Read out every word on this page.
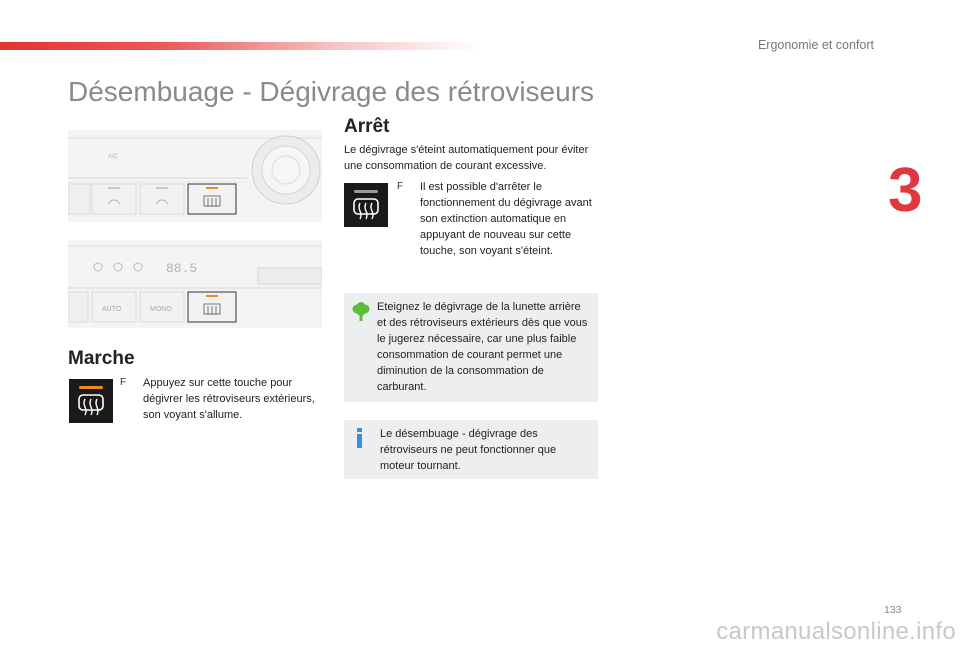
Ergonomie et confort
3
Désembuage - Dégivrage des rétroviseurs
A/C
88.5
AUTO	MONO
Arrêt

Le dégivrage s'éteint automatiquement pour éviter une consommation de courant excessive.

F Il est possible d'arrêter le fonctionnement du dégivrage avant son extinction automatique en appuyant de nouveau sur cette touche, son voyant s'éteint.
Eteignez le dégivrage de la lunette arrière et des rétroviseurs extérieurs dès que vous le jugerez nécessaire, car une plus faible consommation de courant permet une diminution de la consommation de carburant.
Le désembuage - dégivrage des rétroviseurs ne peut fonctionner que moteur tournant.
Marche
F Appuyez sur cette touche pour dégivrer les rétroviseurs extérieurs, son voyant s'allume.
133
carmanualsonline.info
